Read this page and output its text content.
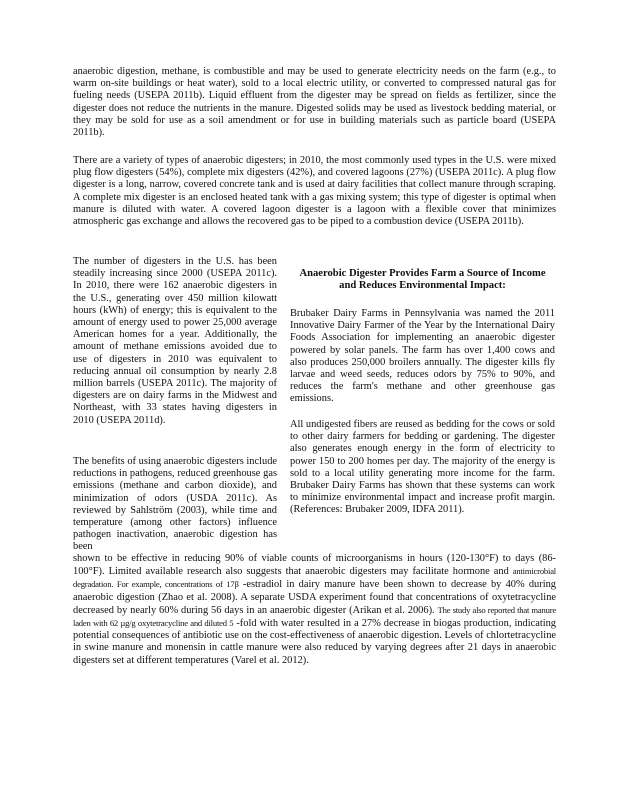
anaerobic digestion, methane, is combustible and may be used to generate electricity needs on the farm (e.g., to warm on-site buildings or heat water), sold to a local electric utility, or converted to compressed natural gas for fueling needs (USEPA 2011b). Liquid effluent from the digester may be spread on fields as fertilizer, since the digester does not reduce the nutrients in the manure. Digested solids may be used as livestock bedding material, or they may be sold for use as a soil amendment or for use in building materials such as particle board (USEPA 2011b).

There are a variety of types of anaerobic digesters; in 2010, the most commonly used types in the U.S. were mixed plug flow digesters (54%), complete mix digesters (42%), and covered lagoons (27%) (USEPA 2011c). A plug flow digester is a long, narrow, covered concrete tank and is used at dairy facilities that collect manure through scraping. A complete mix digester is an enclosed heated tank with a gas mixing system; this type of digester is optimal when manure is diluted with water. A covered lagoon digester is a lagoon with a flexible cover that minimizes atmospheric gas exchange and allows the recovered gas to be piped to a combustion device (USEPA 2011b).

The number of digesters in the U.S. has been steadily increasing since 2000 (USEPA 2011c). In 2010, there were 162 anaerobic digesters in the U.S., generating over 450 million kilowatt hours (kWh) of energy; this is equivalent to the amount of energy used to power 25,000 average American homes for a year. Additionally, the amount of methane emissions avoided due to use of digesters in 2010 was equivalent to reducing annual oil consumption by nearly 2.8 million barrels (USEPA 2011c). The majority of digesters are on dairy farms in the Midwest and Northeast, with 33 states having digesters in 2010 (USEPA 2011d).

The benefits of using anaerobic digesters include reductions in pathogens, reduced greenhouse gas emissions (methane and carbon dioxide), and minimization of odors (USDA 2011c). As reviewed by Sahlström (2003), while time and temperature (among other factors) influence pathogen inactivation, anaerobic digestion has been

Anaerobic Digester Provides Farm a Source of Income and Reduces Environmental Impact:

Brubaker Dairy Farms in Pennsylvania was named the 2011 Innovative Dairy Farmer of the Year by the International Dairy Foods Association for implementing an anaerobic digester powered by solar panels. The farm has over 1,400 cows and also produces 250,000 broilers annually. The digester kills fly larvae and weed seeds, reduces odors by 75% to 90%, and reduces the farm's methane and other greenhouse gas emissions.

All undigested fibers are reused as bedding for the cows or sold to other dairy farmers for bedding or gardening. The digester also generates enough energy in the form of electricity to power 150 to 200 homes per day. The majority of the energy is sold to a local utility generating more income for the farm. Brubaker Dairy Farms has shown that these systems can work to minimize environmental impact and increase profit margin. (References: Brubaker 2009, IDFA 2011).

shown to be effective in reducing 90% of viable counts of microorganisms in hours (120-130°F) to days (86-100°F). Limited available research also suggests that anaerobic digesters may facilitate hormone and antimicrobial degradation. For example, concentrations of 17β -estradiol in dairy manure have been shown to decrease by 40% during anaerobic digestion (Zhao et al. 2008). A separate USDA experiment found that concentrations of oxytetracycline decreased by nearly 60% during 56 days in an anaerobic digester (Arikan et al. 2006). The study also reported that manure laden with 62 µg/g oxytetracycline and diluted 5 -fold with water resulted in a 27% decrease in biogas production, indicating potential consequences of antibiotic use on the cost-effectiveness of anaerobic digestion. Levels of chlortetracycline in swine manure and monensin in cattle manure were also reduced by varying degrees after 21 days in anaerobic digesters set at different temperatures (Varel et al. 2012).
